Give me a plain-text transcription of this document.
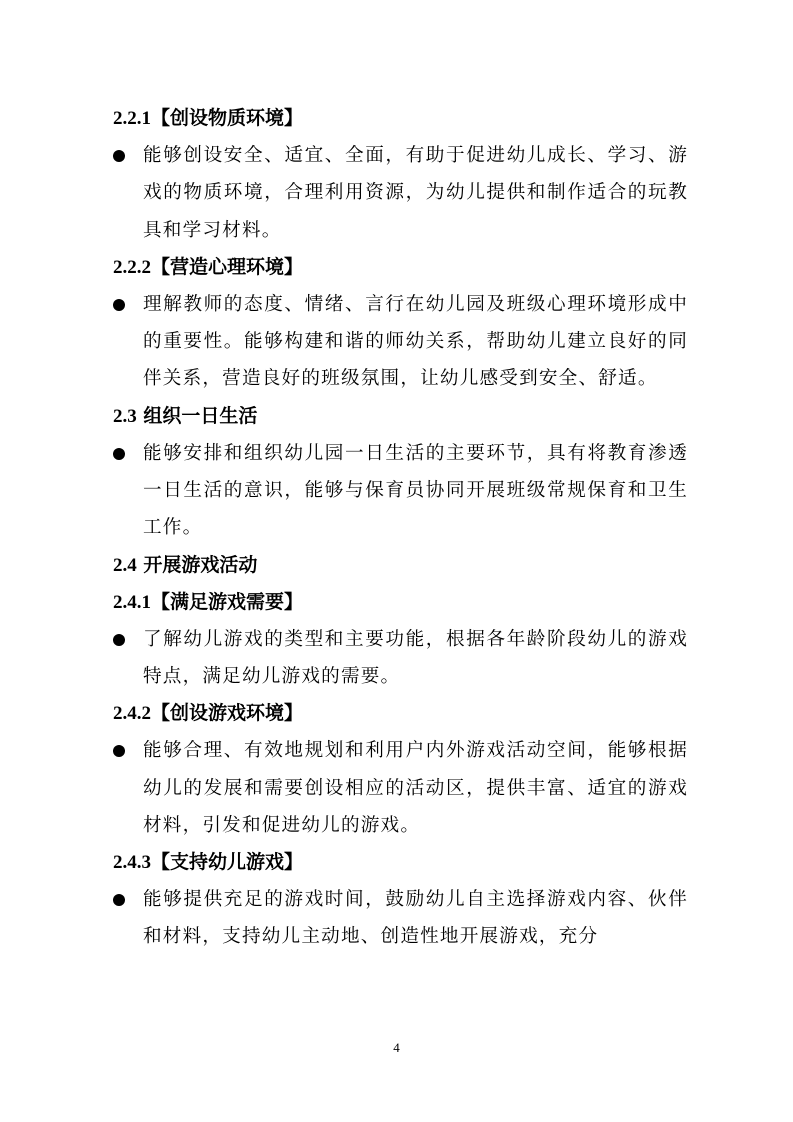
2.2.1【创设物质环境】
能够创设安全、适宜、全面，有助于促进幼儿成长、学习、游戏的物质环境，合理利用资源，为幼儿提供和制作适合的玩教具和学习材料。
2.2.2【营造心理环境】
理解教师的态度、情绪、言行在幼儿园及班级心理环境形成中的重要性。能够构建和谐的师幼关系，帮助幼儿建立良好的同伴关系，营造良好的班级氛围，让幼儿感受到安全、舒适。
2.3 组织一日生活
能够安排和组织幼儿园一日生活的主要环节，具有将教育渗透一日生活的意识，能够与保育员协同开展班级常规保育和卫生工作。
2.4 开展游戏活动
2.4.1【满足游戏需要】
了解幼儿游戏的类型和主要功能，根据各年龄阶段幼儿的游戏特点，满足幼儿游戏的需要。
2.4.2【创设游戏环境】
能够合理、有效地规划和利用户内外游戏活动空间，能够根据幼儿的发展和需要创设相应的活动区，提供丰富、适宜的游戏材料，引发和促进幼儿的游戏。
2.4.3【支持幼儿游戏】
能够提供充足的游戏时间，鼓励幼儿自主选择游戏内容、伙伴和材料，支持幼儿主动地、创造性地开展游戏，充分
4
